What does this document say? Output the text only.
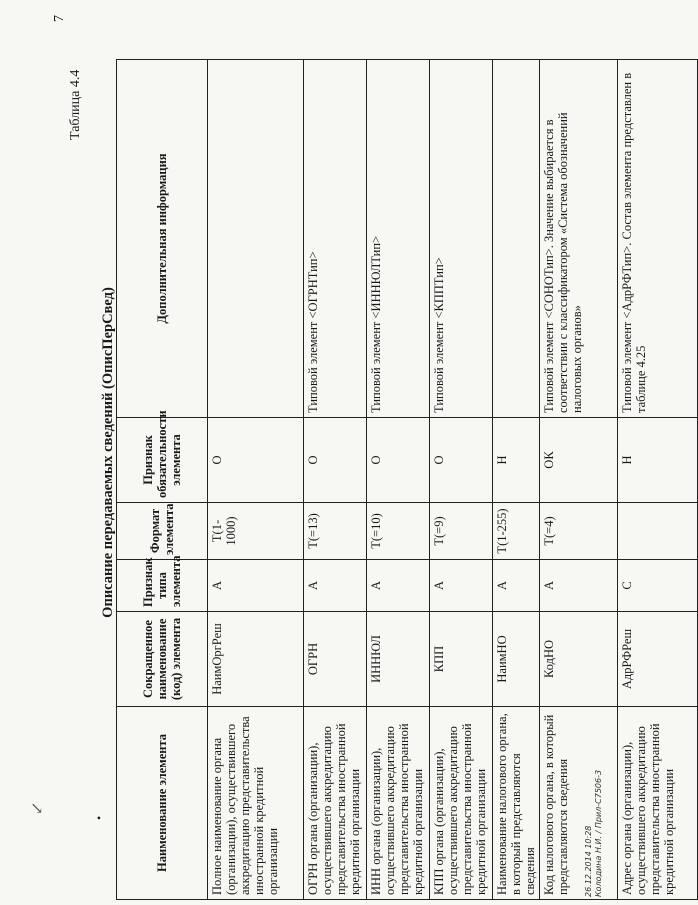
↙
•
7
Таблица 4.4
Описание передаваемых сведений (ОписПерСвед)
Наименование элемента	Сокращенное наименование (код) элемента	Признак типа элемента	Формат элемента	Признак обязательности элемента	Дополнительная информация
Полное наименование органа (организации), осуществившего аккредитацию представительства иностранной кредитной организации	НаимОргРеш	А	Т(1-1000)	О	
ОГРН органа (организации), осуществившего аккредитацию представительства иностранной кредитной организации	ОГРН	А	Т(=13)	О	Типовой элемент <ОГРНТип>
ИНН органа (организации), осуществившего аккредитацию представительства иностранной кредитной организации	ИННЮЛ	А	Т(=10)	О	Типовой элемент <ИННЮЛТип>
КПП органа (организации), осуществившего аккредитацию представительства иностранной кредитной организации	КПП	А	Т(=9)	О	Типовой элемент <КППТип>
Наименование налогового органа, в который представляются сведения	НаимНО	А	Т(1-255)	Н	
Код налогового органа, в который представляются сведения	КодНО	А	Т(=4)	ОК	Типовой элемент <СОНОТип>. Значение выбирается в соответствии с классификатором «Система обозначений налоговых органов»
Адрес органа (организации), осуществившего аккредитацию представительства иностранной кредитной организации	АдрРФРеш	С		Н	Типовой элемент <АдрРФТип>. Состав элемента представлен в таблице 4.25
26.12.2014 10:28 Колодина Н.И. / Прил-С7506-3
